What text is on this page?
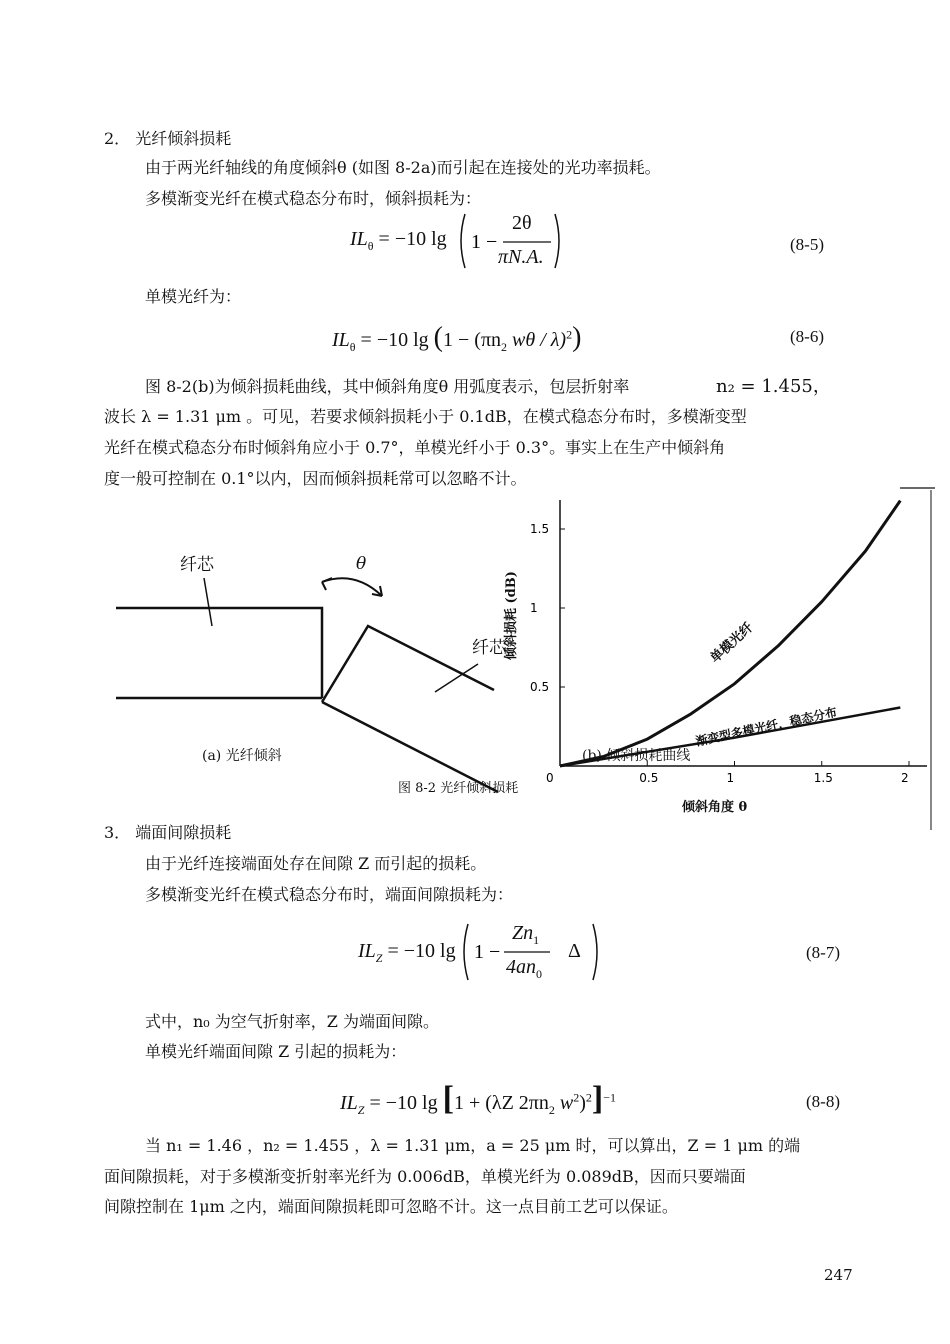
2． 光纤倾斜损耗
由于两光纤轴线的角度倾斜θ (如图 8-2a)而引起在连接处的光功率损耗。
多模渐变光纤在模式稳态分布时，倾斜损耗为：
$IL_\theta = -10$ lg 1 −
2θ
πN.A.
(8-5)
单模光纤为：
$IL_\theta = -10$ $\lg (1 - (\pi n_2$ wθ / λ)$^2$)	(8-6)
图 8-2(b)为倾斜损耗曲线，其中倾斜角度θ 用弧度表示，包层折射率	n₂ = 1.455，
波长 λ = 1.31 μm 。可见，若要求倾斜损耗小于 0.1dB，在模式稳态分布时，多模渐变型
光纤在模式稳态分布时倾斜角应小于 0.7°，单模光纤小于 0.3°。事实上在生产中倾斜角
度一般可控制在 0.1°以内，因而倾斜损耗常可以忽略不计。
纤芯	θ
纤芯
(a) 光纤倾斜
0	0.5	1	1.5	2
0.5
1
1.5
倾斜损耗 (dB)
倾斜角度 θ
单模光纤
渐变型多模光纤，稳态分布
(b) 倾斜损耗曲线
图 8-2 光纤倾斜损耗
3． 端面间隙损耗
由于光纤连接端面处存在间隙 Z 而引起的损耗。
多模渐变光纤在模式稳态分布时，端面间隙损耗为：
$IL_Z = -10$ lg 1 −
$Zn_1$
$4an_0$
Δ	(8-7)
式中，n₀ 为空气折射率，Z 为端面间隙。
单模光纤端面间隙 Z 引起的损耗为：
$IL_Z = -10$ lg [1 + (λZ $2\pi n_2$ $w^2)^2]^{-1}$	(8-8)
当 n₁ = 1.46 ，n₂ = 1.455 ，λ = 1.31 μm，a = 25 μm 时，可以算出，Z = 1 μm 的端
面间隙损耗，对于多模渐变折射率光纤为 0.006dB，单模光纤为 0.089dB，因而只要端面
间隙控制在 1μm 之内，端面间隙损耗即可忽略不计。这一点目前工艺可以保证。
247
